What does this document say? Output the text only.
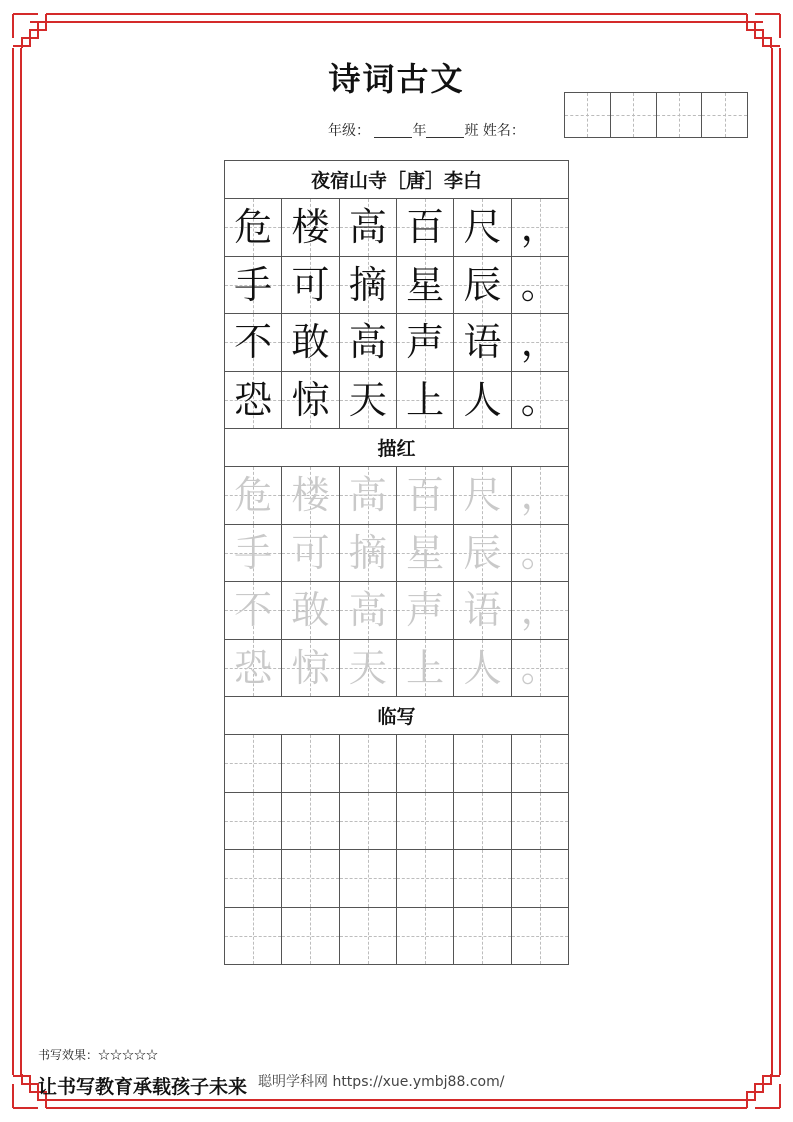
诗词古文
年级：	年	班 姓名：
夜宿山寺［唐］李白
危 楼 高 百 尺 ，
手 可 摘 星 辰 。
不 敢 高 声 语 ，
恐 惊 天 上 人 。
描红
危 楼 高 百 尺 ，
手 可 摘 星 辰 。
不 敢 高 声 语 ，
恐 惊 天 上 人 。
临写
书写效果：☆☆☆☆☆
让书写教育承载孩子未来 聪明学科网 https://xue.ymbj88.com/
